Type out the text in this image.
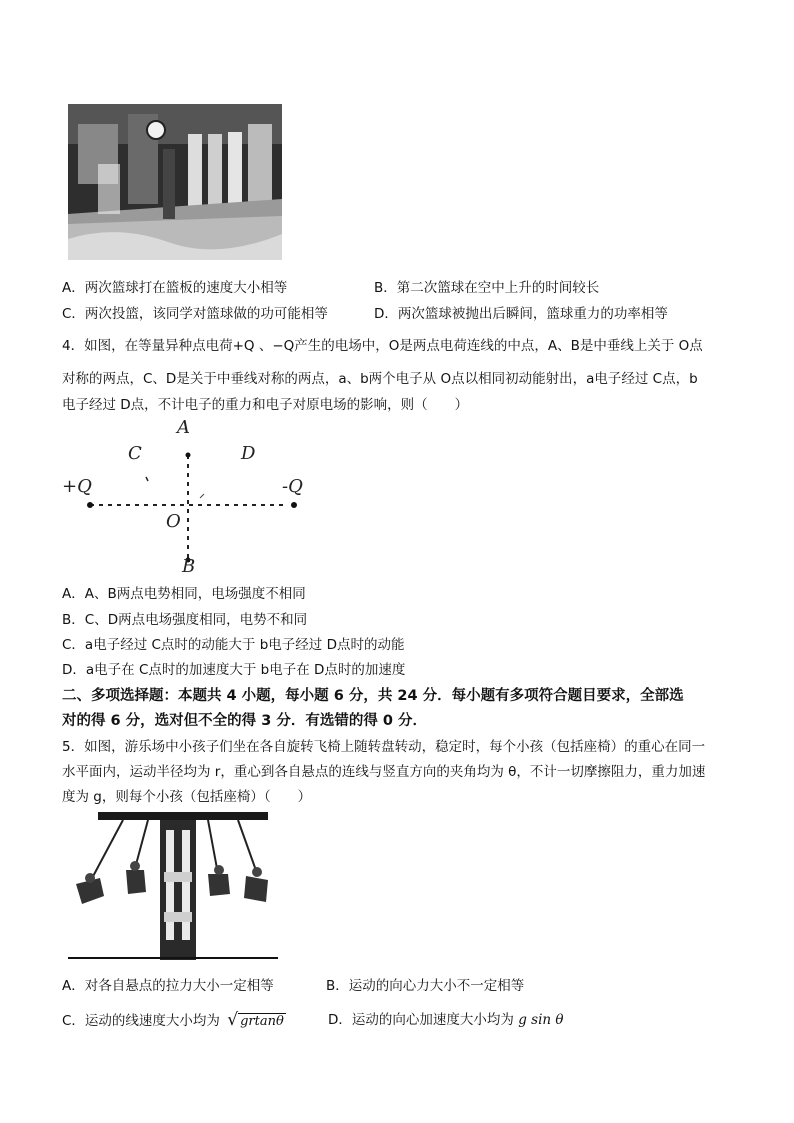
A．两次篮球打在篮板的速度大小相等	B．第二次篮球在空中上升的时间较长
C．两次投篮，该同学对篮球做的功可能相等	D．两次篮球被抛出后瞬间，篮球重力的功率相等
4．如图，在等量异种点电荷+Q 、−Q产生的电场中，O是两点电荷连线的中点，A、B是中垂线上关于 O点
对称的两点，C、D是关于中垂线对称的两点，a、b两个电子从 O点以相同初动能射出，a电子经过 C点，b
电子经过 D点，不计电子的重力和电子对原电场的影响，则（　　）
A
C	D
+Q	-Q
O
B
A．A、B两点电势相同，电场强度不相同
B．C、D两点电场强度相同，电势不和同
C．a电子经过 C点时的动能大于 b电子经过 D点时的动能
D．a电子在 C点时的加速度大于 b电子在 D点时的加速度
二、多项选择题：本题共 4 小题，每小题 6 分，共 24 分．每小题有多项符合题目要求，全部选
对的得 6 分，选对但不全的得 3 分．有选错的得 0 分．
5．如图，游乐场中小孩子们坐在各自旋转飞椅上随转盘转动，稳定时，每个小孩（包括座椅）的重心在同一
水平面内，运动半径均为 r，重心到各自悬点的连线与竖直方向的夹角均为 θ，不计一切摩擦阻力，重力加速
度为 g，则每个小孩（包括座椅）（　　）
A．对各自悬点的拉力大小一定相等	B．运动的向心力大小不一定相等
C．运动的线速度大小均为 √ grtanθ	D．运动的向心加速度大小均为 g sin θ
